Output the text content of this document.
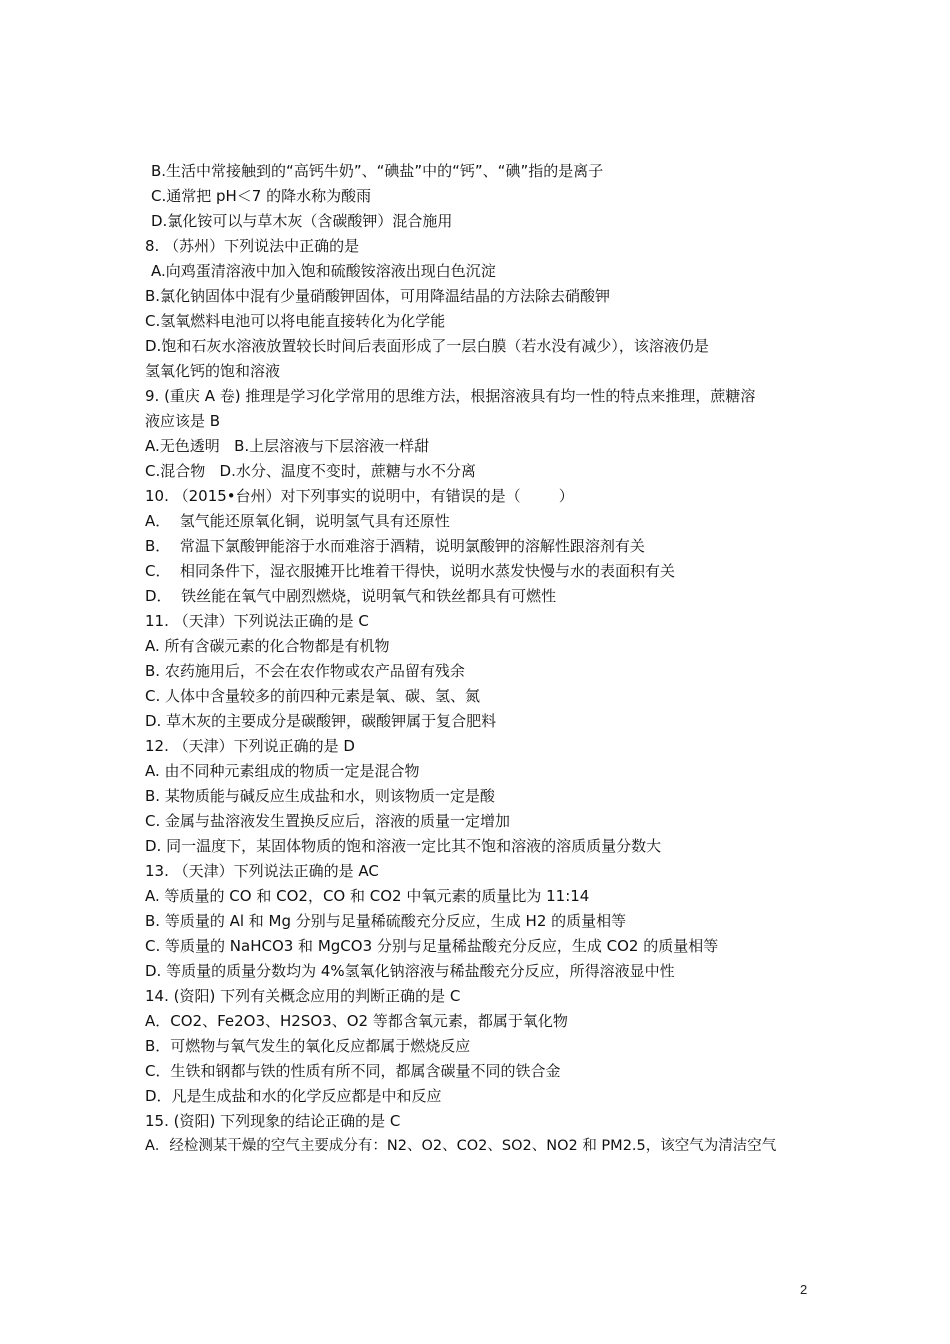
B.生活中常接触到的“高钙牛奶”、“碘盐”中的“钙”、“碘”指的是离子
C.通常把 pH＜7 的降水称为酸雨
D.氯化铵可以与草木灰（含碳酸钾）混合施用
8. （苏州）下列说法中正确的是
A.向鸡蛋清溶液中加入饱和硫酸铵溶液出现白色沉淀
B.氯化钠固体中混有少量硝酸钾固体，可用降温结晶的方法除去硝酸钾
C.氢氧燃料电池可以将电能直接转化为化学能
D.饱和石灰水溶液放置较长时间后表面形成了一层白膜（若水没有减少），该溶液仍是
氢氧化钙的饱和溶液
9. (重庆 A 卷) 推理是学习化学常用的思维方法，根据溶液具有均一性的特点来推理，蔗糖溶
液应该是 B
A.无色透明   B.上层溶液与下层溶液一样甜
C.混合物   D.水分、温度不变时，蔗糖与水不分离
10. （2015•台州）对下列事实的说明中，有错误的是（        ）
A．  氢气能还原氧化铜，说明氢气具有还原性
B．  常温下氯酸钾能溶于水而难溶于酒精，说明氯酸钾的溶解性跟溶剂有关
C．  相同条件下，湿衣服摊开比堆着干得快，说明水蒸发快慢与水的表面积有关
D．  铁丝能在氧气中剧烈燃烧，说明氧气和铁丝都具有可燃性
11. （天津）下列说法正确的是 C
A. 所有含碳元素的化合物都是有机物
B. 农药施用后，不会在农作物或农产品留有残余
C. 人体中含量较多的前四种元素是氧、碳、氢、氮
D. 草木灰的主要成分是碳酸钾，碳酸钾属于复合肥料
12. （天津）下列说正确的是 D
A. 由不同种元素组成的物质一定是混合物
B. 某物质能与碱反应生成盐和水，则该物质一定是酸
C. 金属与盐溶液发生置换反应后，溶液的质量一定增加
D. 同一温度下，某固体物质的饱和溶液一定比其不饱和溶液的溶质质量分数大
13. （天津）下列说法正确的是 AC
A. 等质量的 CO 和 CO2，CO 和 CO2 中氧元素的质量比为 11:14
B. 等质量的 Al 和 Mg 分别与足量稀硫酸充分反应，生成 H2 的质量相等
C. 等质量的 NaHCO3 和 MgCO3 分别与足量稀盐酸充分反应，生成 CO2 的质量相等
D. 等质量的质量分数均为 4%氢氧化钠溶液与稀盐酸充分反应，所得溶液显中性
14. (资阳) 下列有关概念应用的判断正确的是 C
A．CO2、Fe2O3、H2SO3、O2 等都含氧元素，都属于氧化物
B．可燃物与氧气发生的氧化反应都属于燃烧反应
C．生铁和钢都与铁的性质有所不同，都属含碳量不同的铁合金
D．凡是生成盐和水的化学反应都是中和反应
15. (资阳) 下列现象的结论正确的是 C
A．经检测某干燥的空气主要成分有：N2、O2、CO2、SO2、NO2 和 PM2.5，该空气为清洁空气
2
